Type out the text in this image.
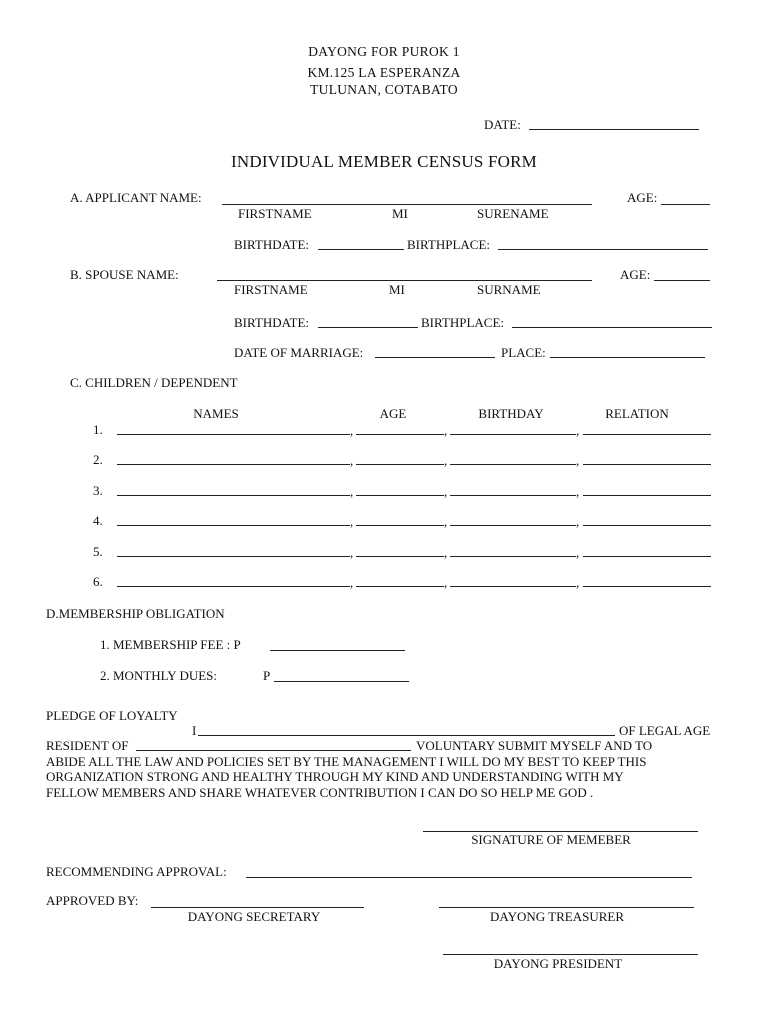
DAYONG FOR PUROK 1
KM.125 LA ESPERANZA
TULUNAN, COTABATO
DATE:
INDIVIDUAL MEMBER CENSUS FORM
A. APPLICANT NAME:	AGE:
FIRSTNAME	MI	SURENAME
BIRTHDATE:	BIRTHPLACE:
B. SPOUSE NAME:	AGE:
FIRSTNAME	MI	SURNAME
BIRTHDATE:	BIRTHPLACE:
DATE OF MARRIAGE:	PLACE:
C. CHILDREN / DEPENDENT
NAMES	AGE	BIRTHDAY	RELATION
1.	,	,	,
2.	,	,	,
3.	,	,	,
4.	,	,	,
5.	,	,	,
6.	,	,	,
D.MEMBERSHIP OBLIGATION
1. MEMBERSHIP FEE : P
2. MONTHLY DUES:	P
PLEDGE OF LOYALTY
I	OF LEGAL AGE
RESIDENT OF	VOLUNTARY SUBMIT MYSELF AND TO
ABIDE ALL THE LAW AND POLICIES SET BY THE MANAGEMENT I WILL DO MY BEST TO KEEP THIS
ORGANIZATION STRONG AND HEALTHY THROUGH MY KIND AND UNDERSTANDING WITH MY
FELLOW MEMBERS AND SHARE WHATEVER CONTRIBUTION I CAN DO SO HELP ME GOD .
SIGNATURE OF MEMEBER
RECOMMENDING APPROVAL:
APPROVED BY:
DAYONG SECRETARY	DAYONG TREASURER
DAYONG PRESIDENT
